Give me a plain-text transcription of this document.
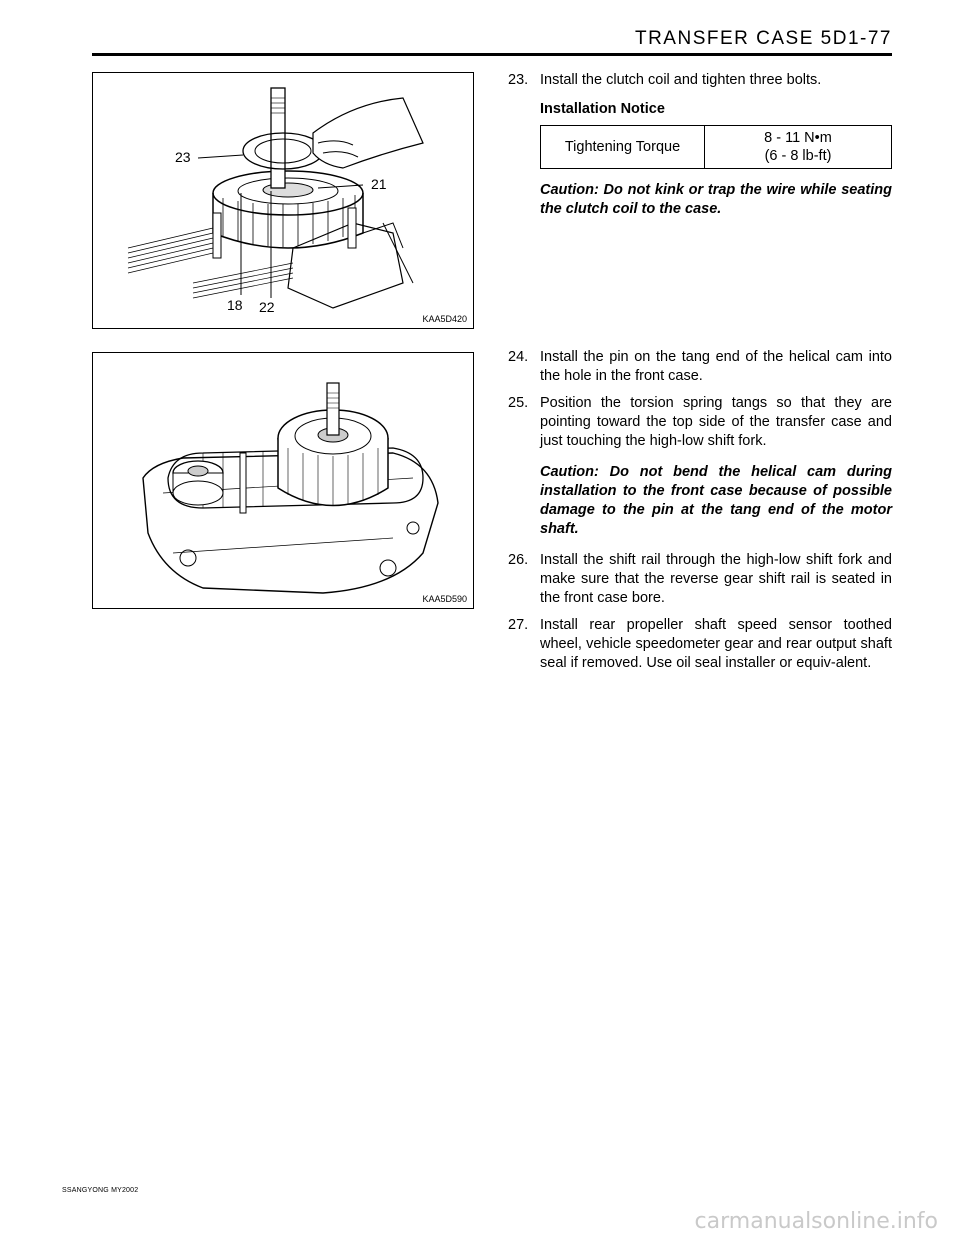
TRANSFER CASE 5D1-77
23
21
18 22
KAA5D420
KAA5D590
23. Install the clutch coil and tighten three bolts.
Installation Notice
Tightening Torque	
8 - 11 N•m
(6 - 8 lb-ft)
Caution: Do not kink or trap the wire while seating the clutch coil to the case.
24. Install the pin on the tang end of the helical cam into the hole in the front case.
25. Position the torsion spring tangs so that they are pointing toward the top side of the transfer case and just touching the high-low shift fork.
Caution: Do not bend the helical cam during installation to the front case because of possible damage to the pin at the tang end of the motor shaft.
26. Install the shift rail through the high-low shift fork and make sure that the reverse gear shift rail is seated in the front case bore.
27. Install rear propeller shaft speed sensor toothed wheel, vehicle speedometer gear and rear output shaft seal if removed. Use oil seal installer or equiv-alent.
SSANGYONG MY2002
carmanualsonline.info
